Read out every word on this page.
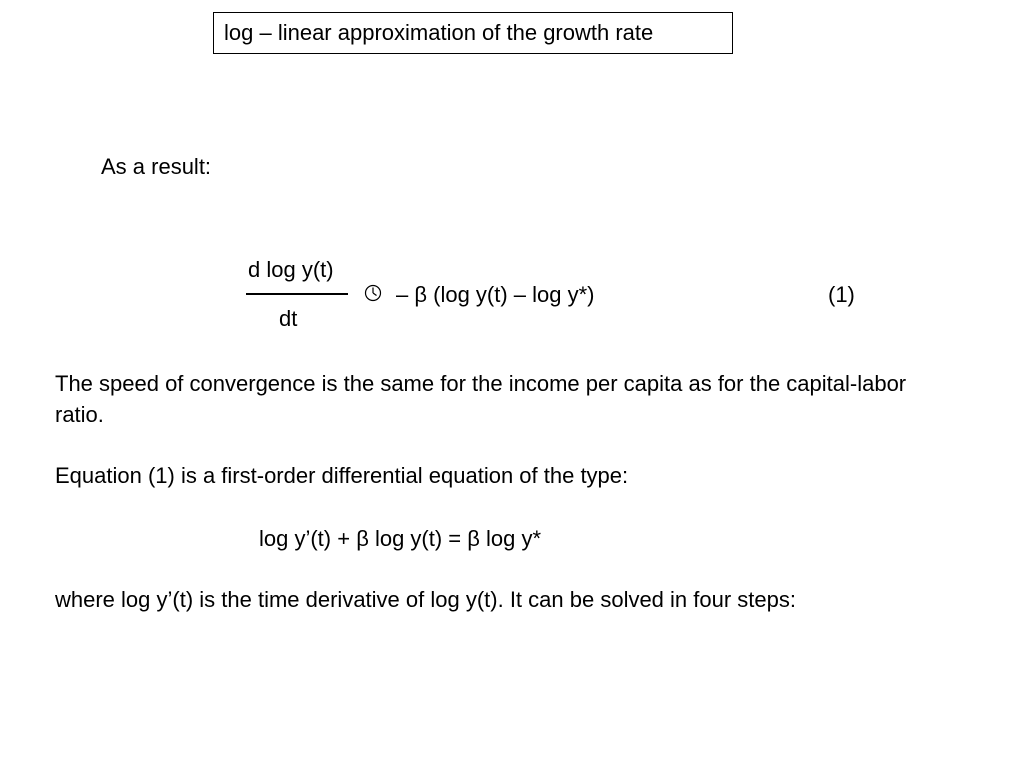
log – linear approximation of the growth rate
As a result:
d log y(t)
dt
– β (log y(t) – log y*)	(1)
The speed of convergence is the same for the income per capita as for the capital-labor ratio.
Equation (1) is a first-order differential equation of the type:
log y’(t) + β log y(t) = β log y*
where log y’(t) is the time derivative of log y(t). It can be solved in four steps:
